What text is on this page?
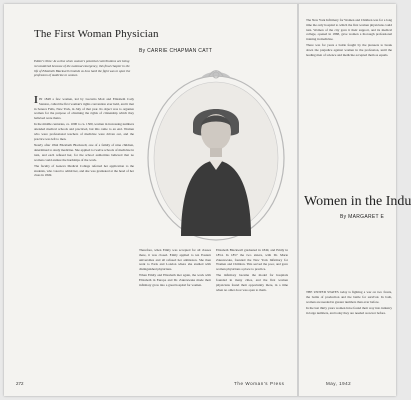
The First Woman Physician
By CARRIE CHAPMAN CATT
Editor's Note: At a time when women's potential contributions are being reconsidered because of the national emergency, this final chapter in the life of Elizabeth Blackwell reminds us how hard the fight was to open the profession of medicine to women.

IIN 1848 a few women, led by Lucretia Mott and Elizabeth Cady Stanton, called the first woman's rights convention ever held, and it met in Seneca Falls, New York, in July of that year. Its object was to organize women for the purpose of obtaining the rights of citizenship which they believed were theirs.

In the middle centuries, ca. 1000 to ca. 1500, women in increasing numbers attended medical schools and practiced, but this came to an end. Women who were professional teachers of medicine were driven out, and the practice was left to men.

Nearly after 1844 Elizabeth Blackwell, one of a family of nine children, determined to study medicine. She applied to twelve schools of medicine in turn, and each refused her, for the school authorities believed that no woman could endure the hardships of the work.

The faculty of Geneva Medical College referred her application to the students, who voted to admit her, and she was graduated at the head of her class in 1849.

Therefore, when Emily was accepted for all classes there, it was closed. Emily applied to ten Eastern universities and all refused her admission. She then went to Paris and London where she studied with distinguished physicians.

When Emily and Elizabeth met again, the work with Elizabeth in Europe and Dr. Zakrzewska made their infirmary grow into a great hospital for women.

Elizabeth Blackwell graduated in 1849, and Emily in 1854. In 1857 the two sisters, with Dr. Marie Zakrzewska, founded the New York Infirmary for Women and Children. This served the poor, and gave women physicians a place to practice.

The infirmary became the model for hospitals founded in many cities, and the first women physicians found their opportunity there, in a time when no other door was open to them.

272	The Woman's Press

The New York Infirmary for Women and Children was for a long time the only hospital to which the first women physicians could turn. Women of the city gave it their support, and its medical college, opened in 1868, gave women a thorough professional training in medicine.

There was for years a battle fought by the pioneers to break down the prejudice against women in the profession, until the leading men of science and medicine accepted them as equals.

Women in the Indu
By MARGARET E

THE UNITED STATES today is fighting a war on two fronts, the battle of production and the battle for survival. In both, women are needed in greater numbers than ever before.

In the last thirty years women have found their way into industry in large numbers, and today they are needed as never before.

May, 1942
